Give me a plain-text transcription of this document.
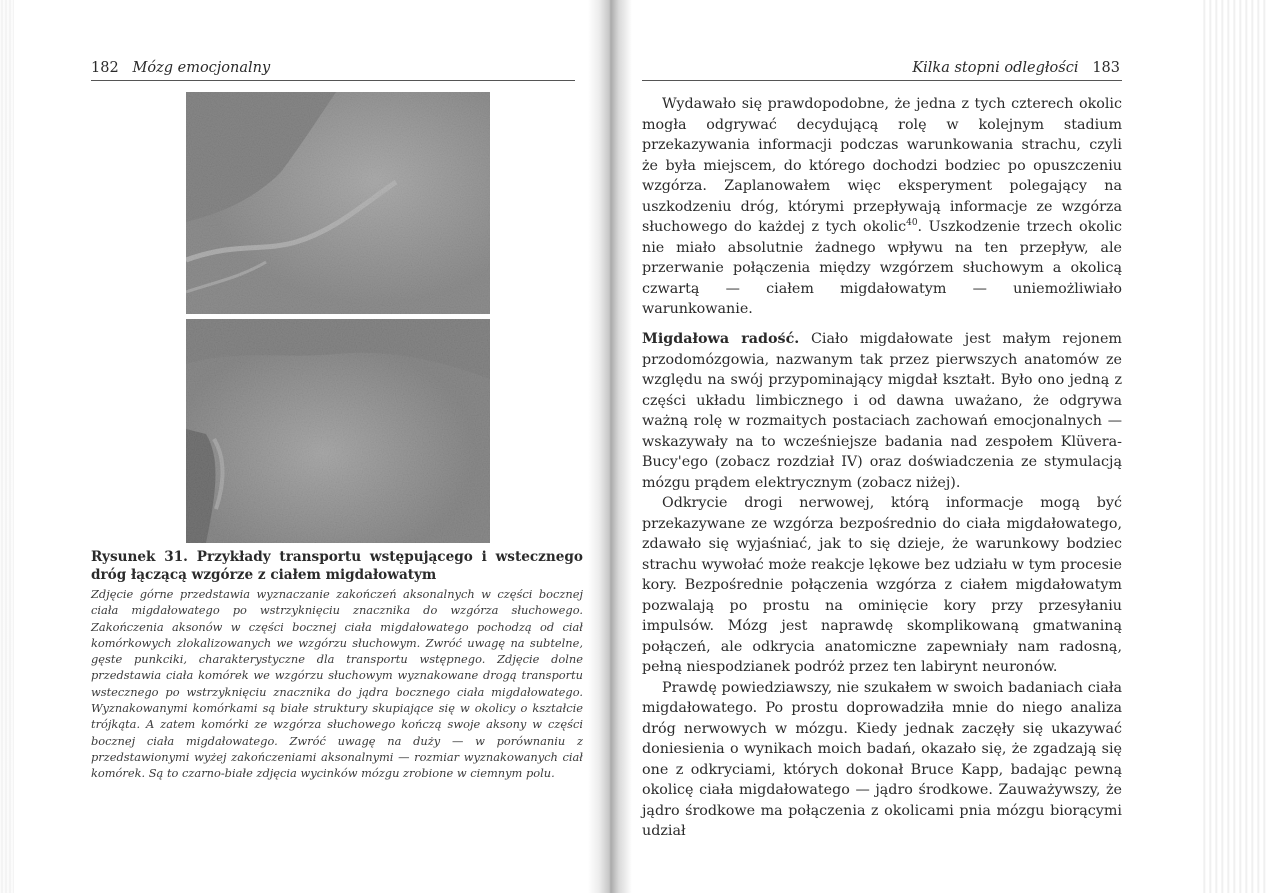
182 Mózg emocjonalny

Rysunek 31. Przykłady transportu wstępującego i wstecznego dróg łączącą wzgórze z ciałem migdałowatym

Zdjęcie górne przedstawia wyznaczanie zakończeń aksonalnych w części bocznej ciała migdałowatego po wstrzyknięciu znacznika do wzgórza słuchowego. Zakończenia aksonów w części bocznej ciała migdałowatego pochodzą od ciał komórkowych zlokalizowanych we wzgórzu słuchowym. Zwróć uwagę na subtelne, gęste punkciki, charakterystyczne dla transportu wstępnego. Zdjęcie dolne przedstawia ciała komórek we wzgórzu słuchowym wyznakowane drogą transportu wstecznego po wstrzyknięciu znacznika do jądra bocznego ciała migdałowatego. Wyznakowanymi komórkami są białe struktury skupiające się w okolicy o kształcie trójkąta. A zatem komórki ze wzgórza słuchowego kończą swoje aksony w części bocznej ciała migdałowatego. Zwróć uwagę na duży — w porównaniu z przedstawionymi wyżej zakończeniami aksonalnymi — rozmiar wyznakowanych ciał komórek. Są to czarno-białe zdjęcia wycinków mózgu zrobione w ciemnym polu.

Kilka stopni odległości 183

Wydawało się prawdopodobne, że jedna z tych czterech okolic mogła odgrywać decydującą rolę w kolejnym stadium przekazywania informacji podczas warunkowania strachu, czyli że była miejscem, do którego dochodzi bodziec po opuszczeniu wzgórza. Zaplanowałem więc eksperyment polegający na uszkodzeniu dróg, którymi przepływają informacje ze wzgórza słuchowego do każdej z tych okolic$^{40}$. Uszkodzenie trzech okolic nie miało absolutnie żadnego wpływu na ten przepływ, ale przerwanie połączenia między wzgórzem słuchowym a okolicą czwartą — ciałem migdałowatym — uniemożliwiało warunkowanie.

Migdałowa radość. Ciało migdałowate jest małym rejonem przodomózgowia, nazwanym tak przez pierwszych anatomów ze względu na swój przypominający migdał kształt. Było ono jedną z części układu limbicznego i od dawna uważano, że odgrywa ważną rolę w rozmaitych postaciach zachowań emocjonalnych — wskazywały na to wcześniejsze badania nad zespołem Klüvera-Bucy'ego (zobacz rozdział IV) oraz doświadczenia ze stymulacją mózgu prądem elektrycznym (zobacz niżej).

Odkrycie drogi nerwowej, którą informacje mogą być przekazywane ze wzgórza bezpośrednio do ciała migdałowatego, zdawało się wyjaśniać, jak to się dzieje, że warunkowy bodziec strachu wywołać może reakcje lękowe bez udziału w tym procesie kory. Bezpośrednie połączenia wzgórza z ciałem migdałowatym pozwalają po prostu na ominięcie kory przy przesyłaniu impulsów. Mózg jest naprawdę skomplikowaną gmatwaniną połączeń, ale odkrycia anatomiczne zapewniały nam radosną, pełną niespodzianek podróż przez ten labirynt neuronów.

Prawdę powiedziawszy, nie szukałem w swoich badaniach ciała migdałowatego. Po prostu doprowadziła mnie do niego analiza dróg nerwowych w mózgu. Kiedy jednak zaczęły się ukazywać doniesienia o wynikach moich badań, okazało się, że zgadzają się one z odkryciami, których dokonał Bruce Kapp, badając pewną okolicę ciała migdałowatego — jądro środkowe. Zauważywszy, że jądro środkowe ma połączenia z okolicami pnia mózgu biorącymi udział
